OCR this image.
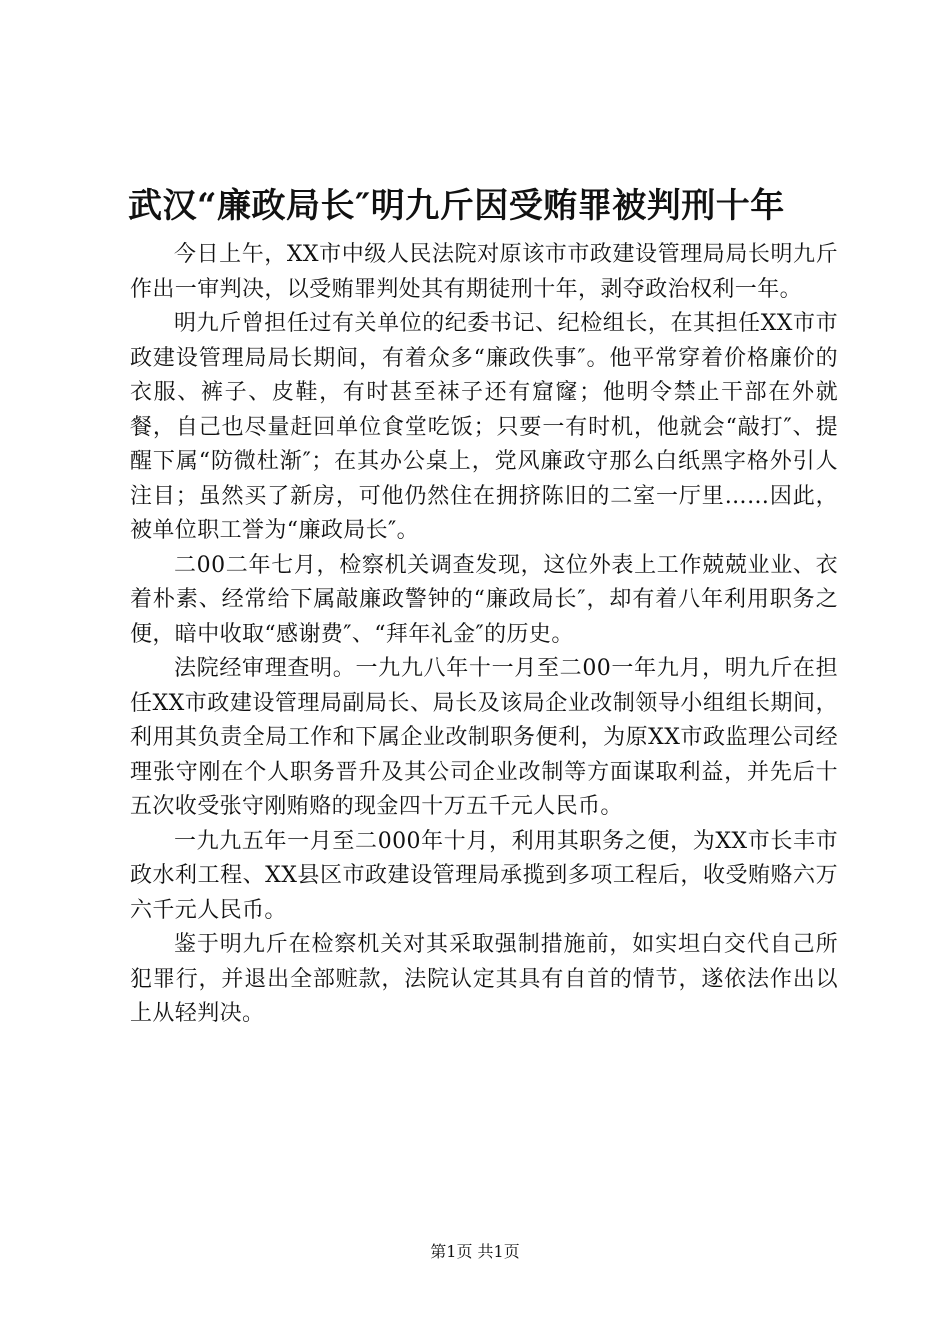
武汉“廉政局长″明九斤因受贿罪被判刑十年

今日上午，XX市中级人民法院对原该市市政建设管理局局长明九斤作出一审判决，以受贿罪判处其有期徒刑十年，剥夺政治权利一年。

明九斤曾担任过有关单位的纪委书记、纪检组长，在其担任XX市市政建设管理局局长期间，有着众多“廉政佚事″。他平常穿着价格廉价的衣服、裤子、皮鞋，有时甚至袜子还有窟窿；他明令禁止干部在外就餐，自己也尽量赶回单位食堂吃饭；只要一有时机，他就会“敲打″、提醒下属“防微杜渐″；在其办公桌上，党风廉政守那么白纸黑字格外引人注目；虽然买了新房，可他仍然住在拥挤陈旧的二室一厅里……因此，被单位职工誉为“廉政局长″。

二00二年七月，检察机关调查发现，这位外表上工作兢兢业业、衣着朴素、经常给下属敲廉政警钟的“廉政局长″，却有着八年利用职务之便，暗中收取“感谢费″、“拜年礼金″的历史。

法院经审理查明。一九九八年十一月至二00一年九月，明九斤在担任XX市政建设管理局副局长、局长及该局企业改制领导小组组长期间，利用其负责全局工作和下属企业改制职务便利，为原XX市政监理公司经理张守刚在个人职务晋升及其公司企业改制等方面谋取利益，并先后十五次收受张守刚贿赂的现金四十万五千元人民币。

一九九五年一月至二000年十月，利用其职务之便，为XX市长丰市政水利工程、XX县区市政建设管理局承揽到多项工程后，收受贿赂六万六千元人民币。

鉴于明九斤在检察机关对其采取强制措施前，如实坦白交代自己所犯罪行，并退出全部赃款，法院认定其具有自首的情节，遂依法作出以上从轻判决。

第1页 共1页
